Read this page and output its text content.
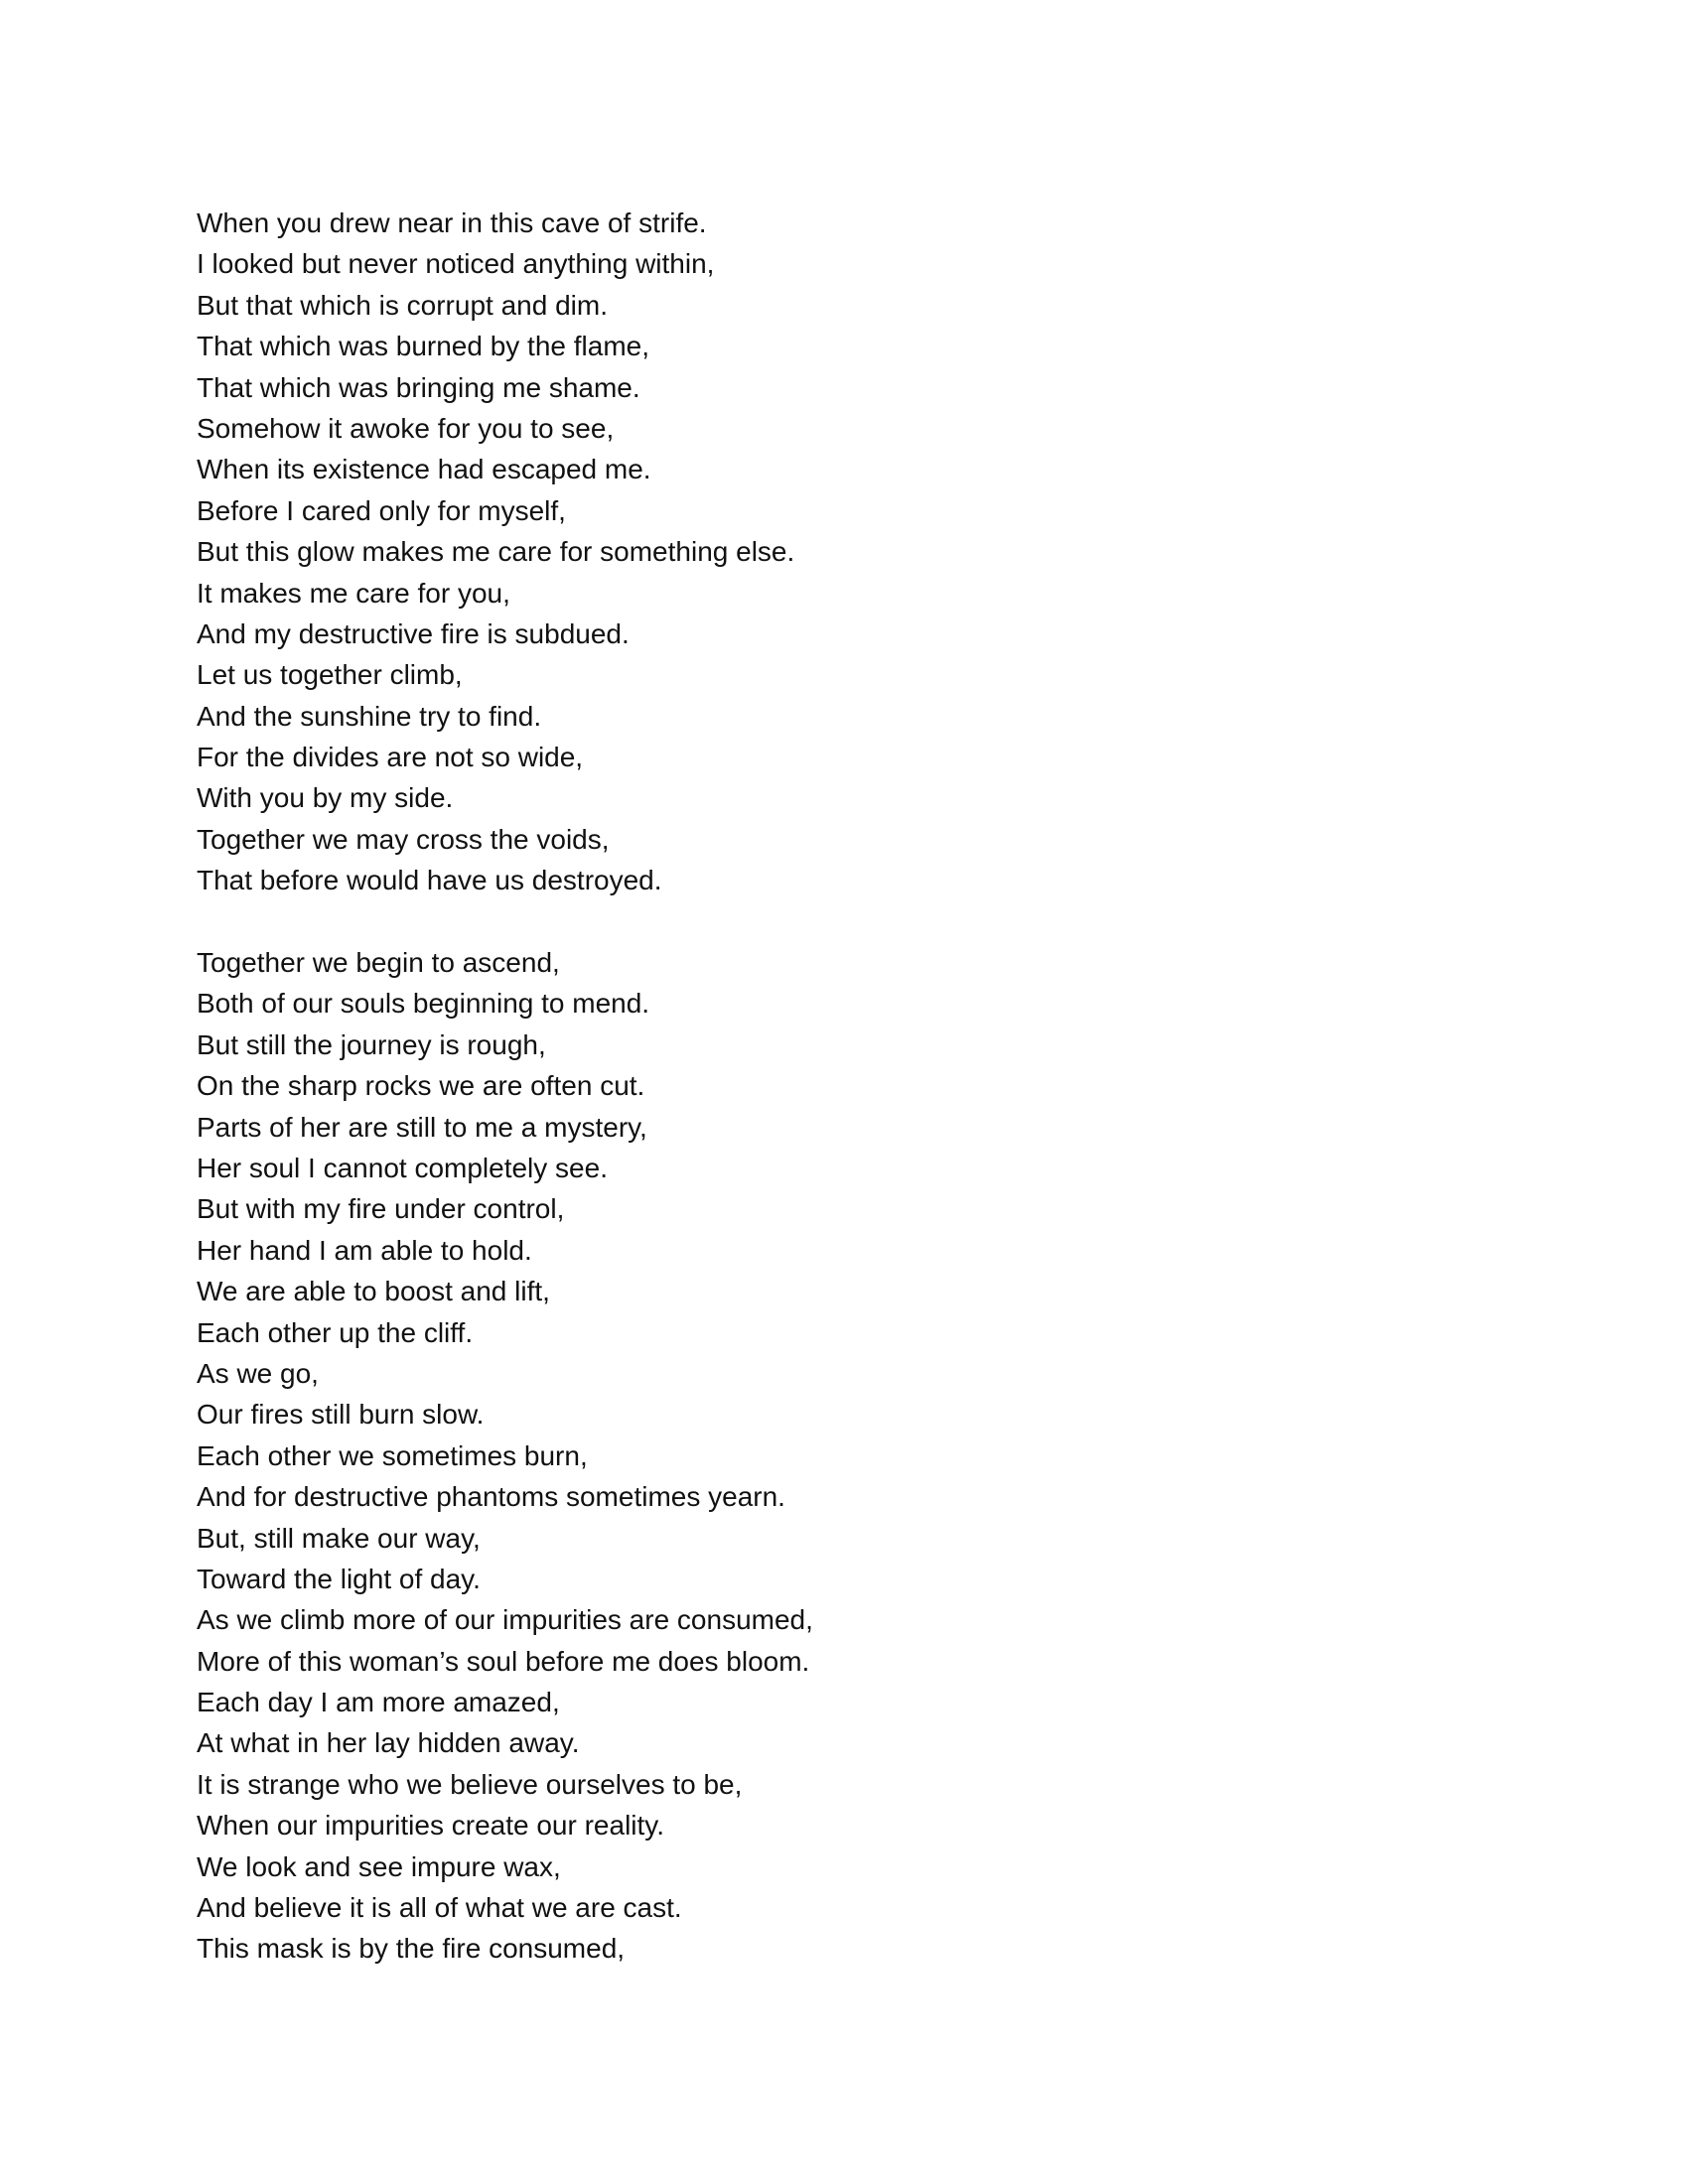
When you drew near in this cave of strife.
I looked but never noticed anything within,
But that which is corrupt and dim.
That which was burned by the flame,
That which was bringing me shame.
Somehow it awoke for you to see,
When its existence had escaped me.
Before I cared only for myself,
But this glow makes me care for something else.
It makes me care for you,
And my destructive fire is subdued.
Let us together climb,
And the sunshine try to find.
For the divides are not so wide,
With you by my side.
Together we may cross the voids,
That before would have us destroyed.
Together we begin to ascend,
Both of our souls beginning to mend.
But still the journey is rough,
On the sharp rocks we are often cut.
Parts of her are still to me a mystery,
Her soul I cannot completely see.
But with my fire under control,
Her hand I am able to hold.
We are able to boost and lift,
Each other up the cliff.
As we go,
Our fires still burn slow.
Each other we sometimes burn,
And for destructive phantoms sometimes yearn.
But, still make our way,
Toward the light of day.
As we climb more of our impurities are consumed,
More of this woman’s soul before me does bloom.
Each day I am more amazed,
At what in her lay hidden away.
It is strange who we believe ourselves to be,
When our impurities create our reality.
We look and see impure wax,
And believe it is all of what we are cast.
This mask is by the fire consumed,
